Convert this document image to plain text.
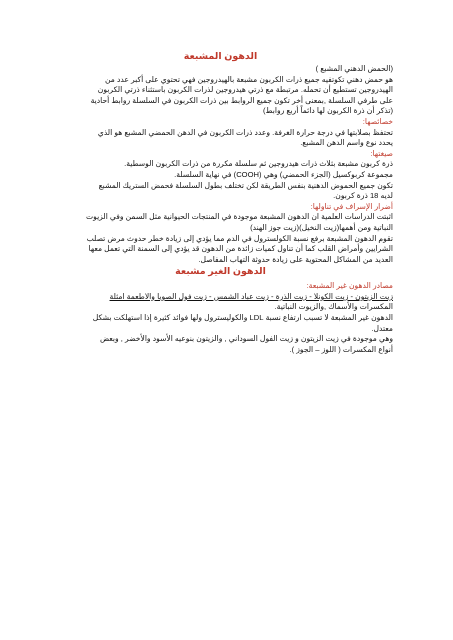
الدهون المشبعة
(الحمض الدهني المشبع )
هو حمض دهني تكوتفيه جميع ذرات الكربون مشبعة بالهيدروجين فهي تحتوي على أكبر عدد من
الهيدروجين تستطيع أن تحمله. مرتبطة مع ذرتي هيدروجين لذرات الكربون باستثناء ذرتي الكربون
على طرفي السلسلة ,بمعنى أخر تكون جميع الروابط بين ذرات الكربون في السلسلة روابط أحادية
(تذكر أن ذرة الكربون لها دائماً أربع روابط)
خصائصها:
تحتفظ بصلابتها في درجة حرارة الغرفة. وعدد ذرات الكربون في الدهن الحمضي المشبع هو الذي
يحدد نوع واسم الدهن المشبع.
صيغتها:
ذرة كربون مشبعة بثلاث ذرات هيدروجين ثم سلسلة مكررة من ذرات الكربون الوسطية.
مجموعة كربوكسيل (الجزء الحمضي) وهي (COOH) في نهاية السلسلة.
تكون جميع الحموض الدهنية بنفس الطريقة لكن تختلف بطول السلسلة فحمض الستريك المشبع
لديه 18 ذرة كربون.
أضرار الإسراف في تناولها:
اثبتت الدراسات العلمية ان الدهون المشبعة موجودة في المنتجات الحيوانية مثل السمن وفي الزيوت
النباتية ومن أهمها(زيت النخيل)(زيت جوز الهند)
تقوم الدهون المشبعة برفع نسبة الكولسترول في الدم مما يؤدي إلى زيادة خطر حدوث مرض تصلب
الشرايين وأمراض القلب كما أن تناول كميات زائدة من الدهون قد يؤدي إلى السمنة التي تعمل معها
العديد من المشاكل المحتوية على زيادة حدوثة التهاب المفاصل.
الدهون الغير مشبعة
مصادر الدهون غير المشبعة:
زيت الزيتون - زيت الكونلا - زيت الذرة - زيت عباد الشمس - زيت فول الصويا والاطعمة امثلة
المكسرات والأسماك ,والزيوت النباتية.
الدهون غير المشبعة لا تسبب ارتفاع نسبة LDL والكوليسترول ولها فوائد كثيرة إذا استهلكت بشكل
معتدل.
وهي موجودة في زيت الزيتون و زيت الفول السوداني , والزيتون بنوعيه الأسود والأخضر , وبعض
أنواع المكسرات ( اللوز – الجوز ).
